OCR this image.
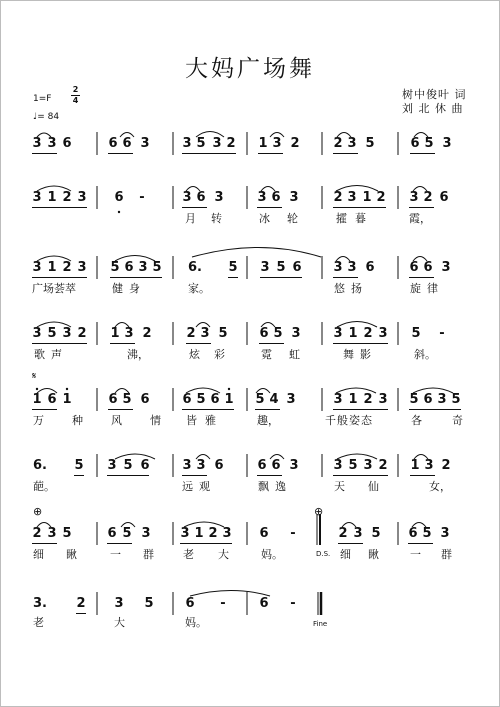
大妈广场舞
树中俊叶 词
刘 北 休 曲
1=F
2
4
♩= 84
3 3 6	6 6 3	3 5 3 2 1 3 2	2 3 5	6 5 3
3 1 2 3 6 -	3 6 3	3 6 3	2 3 1 2 3 2 6
月 转	冰 轮	攉暮	霞，
3 1 2 3 5 6 3 5 6. 5 3 5 6 3 3 6	6 6 3
广场荟萃	健身	家。	悠扬	旋律
3 5 3 2 1 3 2	2 3 5 6 5 3	3 1 2 3 5 -
歌声	沸，	炫 彩	霓 虹	舞影	斜。
𝄋
1 6 1	6 5 6	6 5 6 1 5 4 3	3 1 2 3 5 6 3 5
万	种	风	情 皆雅	趣，	千般姿态	各	奇
6. 5 3 5 6	3 3 6	6 6 3	3 5 3 2 1 3 2
葩。	远观	飘逸	天 仙	女，
⊕	⊕
2 3 5	6 5 3 3 1 2 3 6 -	2 3 5 6 5 3
细 瞅	一 群	老 大	妈。	D.S. 细 瞅	一 群
3. 2 3 5 6 -	6 -
老	大	妈。	Fine
